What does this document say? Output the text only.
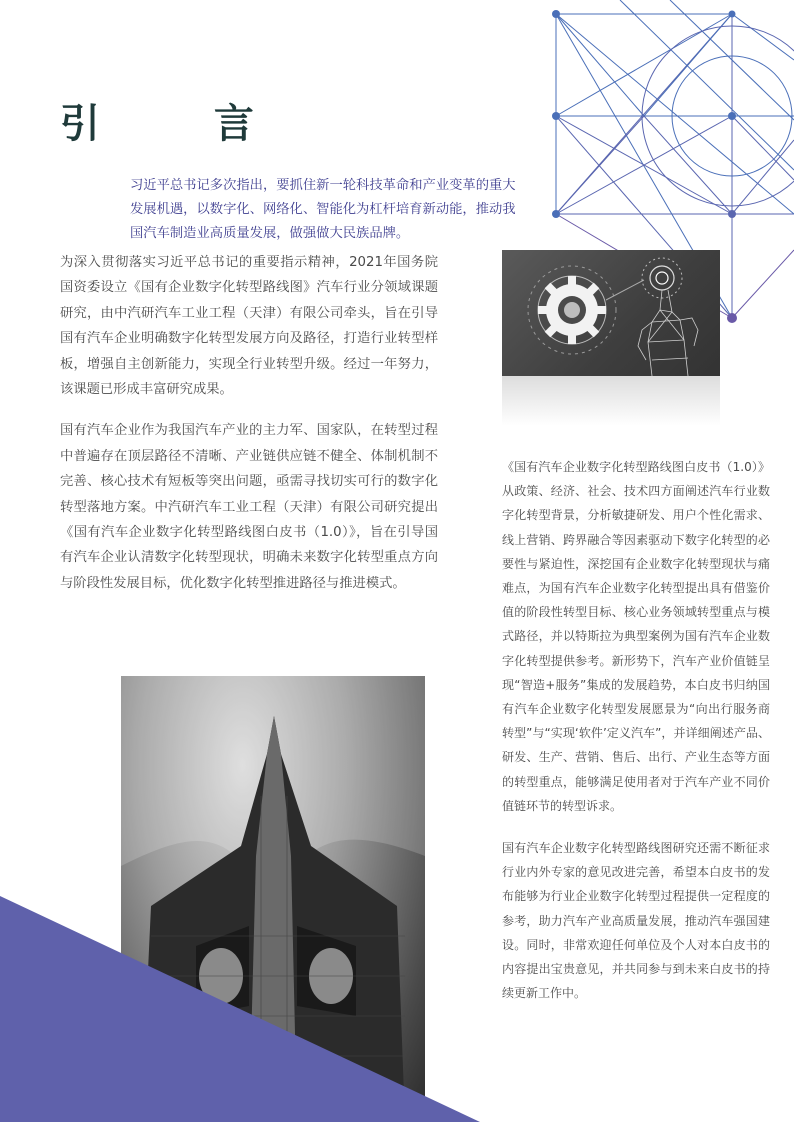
引 言

习近平总书记多次指出，要抓住新一轮科技革命和产业变革的重大发展机遇，以数字化、网络化、智能化为杠杆培育新动能，推动我国汽车制造业高质量发展，做强做大民族品牌。

为深入贯彻落实习近平总书记的重要指示精神，2021年国务院国资委设立《国有企业数字化转型路线图》汽车行业分领域课题研究，由中汽研汽车工业工程（天津）有限公司牵头，旨在引导国有汽车企业明确数字化转型发展方向及路径，打造行业转型样板，增强自主创新能力，实现全行业转型升级。经过一年努力，该课题已形成丰富研究成果。

国有汽车企业作为我国汽车产业的主力军、国家队，在转型过程中普遍存在顶层路径不清晰、产业链供应链不健全、体制机制不完善、核心技术有短板等突出问题，亟需寻找切实可行的数字化转型落地方案。中汽研汽车工业工程（天津）有限公司研究提出《国有汽车企业数字化转型路线图白皮书（1.0）》，旨在引导国有汽车企业认清数字化转型现状，明确未来数字化转型重点方向与阶段性发展目标，优化数字化转型推进路径与推进模式。

《国有汽车企业数字化转型路线图白皮书（1.0）》从政策、经济、社会、技术四方面阐述汽车行业数字化转型背景，分析敏捷研发、用户个性化需求、线上营销、跨界融合等因素驱动下数字化转型的必要性与紧迫性，深挖国有企业数字化转型现状与痛难点，为国有汽车企业数字化转型提出具有借鉴价值的阶段性转型目标、核心业务领域转型重点与模式路径，并以特斯拉为典型案例为国有汽车企业数字化转型提供参考。新形势下，汽车产业价值链呈现“智造+服务”集成的发展趋势，本白皮书归纳国有汽车企业数字化转型发展愿景为“向出行服务商转型”与“实现‘软件’定义汽车”，并详细阐述产品、研发、生产、营销、售后、出行、产业生态等方面的转型重点，能够满足使用者对于汽车产业不同价值链环节的转型诉求。

国有汽车企业数字化转型路线图研究还需不断征求行业内外专家的意见改进完善，希望本白皮书的发布能够为行业企业数字化转型过程提供一定程度的参考，助力汽车产业高质量发展，推动汽车强国建设。同时，非常欢迎任何单位及个人对本白皮书的内容提出宝贵意见，并共同参与到未来白皮书的持续更新工作中。
